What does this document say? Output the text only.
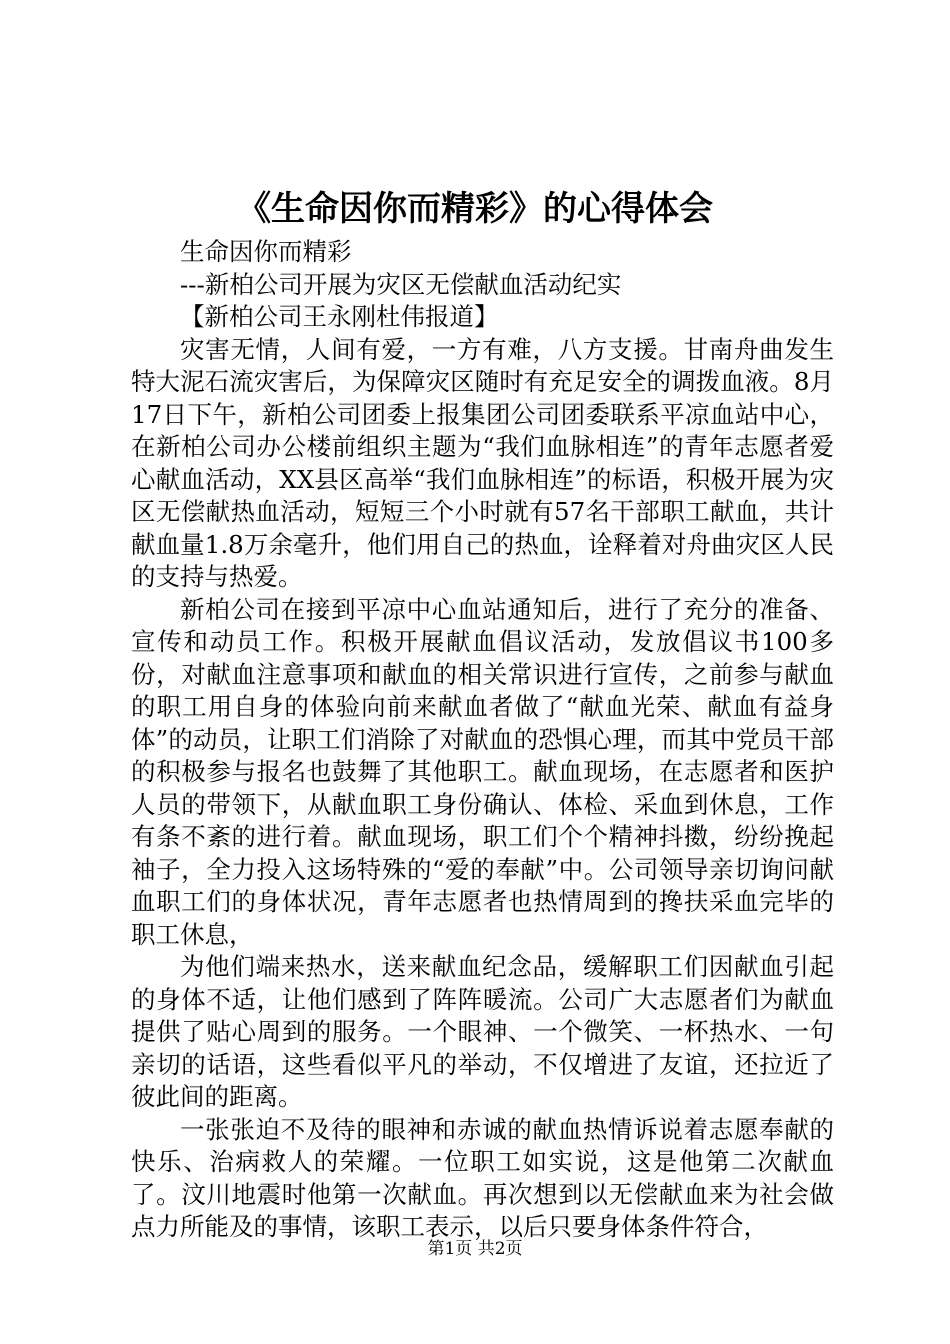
《生命因你而精彩》的心得体会

生命因你而精彩

---新柏公司开展为灾区无偿献血活动纪实

【新柏公司王永刚杜伟报道】

灾害无情，人间有爱，一方有难，八方支援。甘南舟曲发生特大泥石流灾害后，为保障灾区随时有充足安全的调拨血液。8月17日下午，新柏公司团委上报集团公司团委联系平凉血站中心，在新柏公司办公楼前组织主题为“我们血脉相连”的青年志愿者爱心献血活动，XX县区高举“我们血脉相连”的标语，积极开展为灾区无偿献热血活动，短短三个小时就有57名干部职工献血，共计献血量1.8万余毫升，他们用自己的热血，诠释着对舟曲灾区人民的支持与热爱。

新柏公司在接到平凉中心血站通知后，进行了充分的准备、宣传和动员工作。积极开展献血倡议活动，发放倡议书100多份，对献血注意事项和献血的相关常识进行宣传，之前参与献血的职工用自身的体验向前来献血者做了“献血光荣、献血有益身体”的动员，让职工们消除了对献血的恐惧心理，而其中党员干部的积极参与报名也鼓舞了其他职工。献血现场，在志愿者和医护人员的带领下，从献血职工身份确认、体检、采血到休息，工作有条不紊的进行着。献血现场，职工们个个精神抖擞，纷纷挽起袖子，全力投入这场特殊的“爱的奉献”中。公司领导亲切询问献血职工们的身体状况，青年志愿者也热情周到的搀扶采血完毕的职工休息，

为他们端来热水，送来献血纪念品，缓解职工们因献血引起的身体不适，让他们感到了阵阵暖流。公司广大志愿者们为献血提供了贴心周到的服务。一个眼神、一个微笑、一杯热水、一句亲切的话语，这些看似平凡的举动，不仅增进了友谊，还拉近了彼此间的距离。

一张张迫不及待的眼神和赤诚的献血热情诉说着志愿奉献的快乐、治病救人的荣耀。一位职工如实说，这是他第二次献血了。汶川地震时他第一次献血。再次想到以无偿献血来为社会做点力所能及的事情，该职工表示，以后只要身体条件符合，

第1页 共2页
